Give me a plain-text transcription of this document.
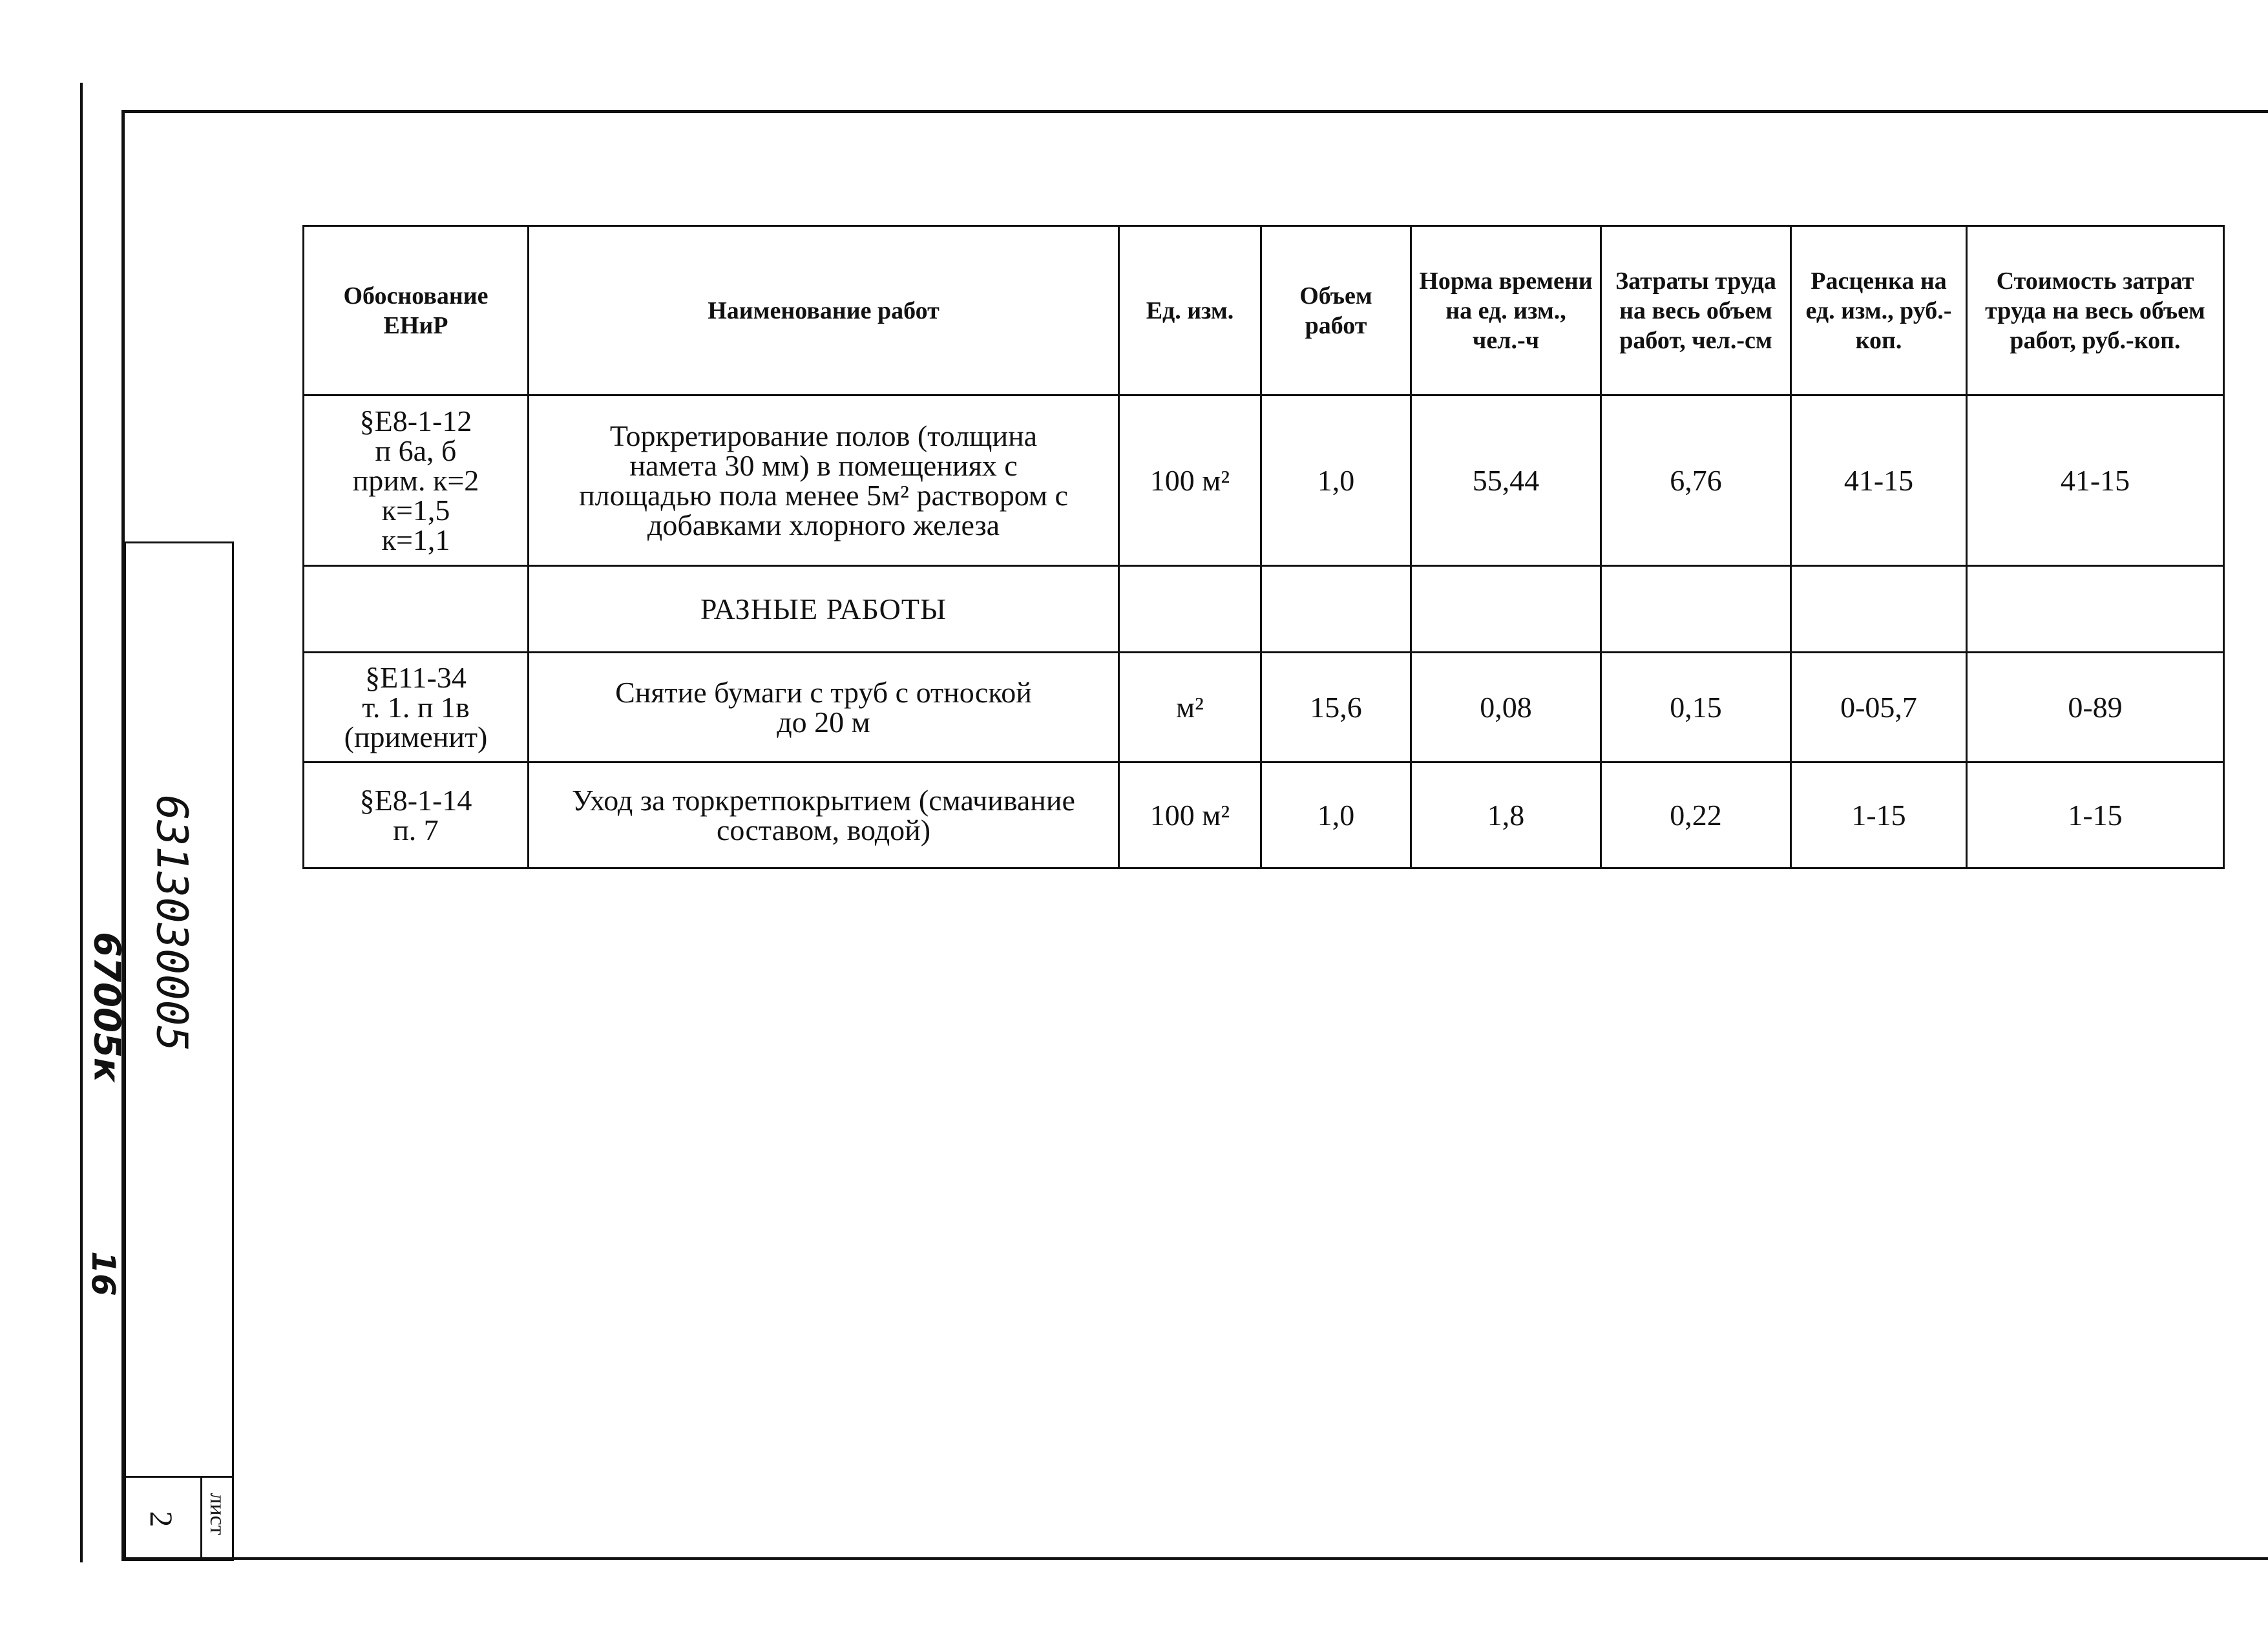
Обоснование ЕНиР	Наименование работ	Ед. изм.	Объем работ	Норма времени на ед. изм., чел.-ч	Затраты труда на весь объем работ, чел.-см	Расценка на ед. изм., руб.-коп.	Стоимость затрат труда на весь объем работ, руб.-коп.

§Е8-1-12
п 6а, б
прим. к=2
к=1,5
к=1,1	Торкретирование полов (толщина
намета 30 мм) в помещениях с
площадью пола менее 5м² раствором с
добавками хлорного железа	100 м²	1,0	55,44	6,76	41-15	41-15
	РАЗНЫЕ РАБОТЫ						

§Е11-34
т. 1. п 1в
(применит)	Снятие бумаги с труб с отноской
до 20 м	м²	15,6	0,08	0,15	0-05,7	0-89

§Е8-1-14
п. 7	Уход за торкретпокрытием (смачивание
составом, водой)	100 м²	1,0	1,8	0,22	1-15	1-15
6313030005
67005к
16
лист
2
